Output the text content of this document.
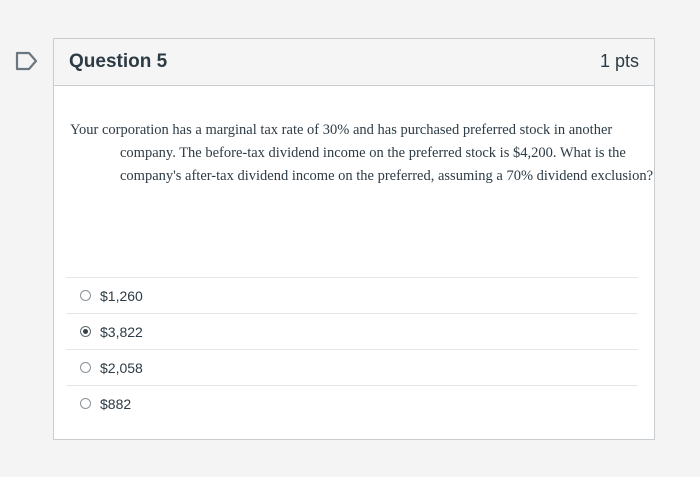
Question 5	1 pts
Your corporation has a marginal tax rate of 30% and has purchased preferred stock in another company. The before-tax dividend income on the preferred stock is $4,200. What is the company's after-tax dividend income on the preferred, assuming a 70% dividend exclusion?
$1,260
$3,822
$2,058
$882
